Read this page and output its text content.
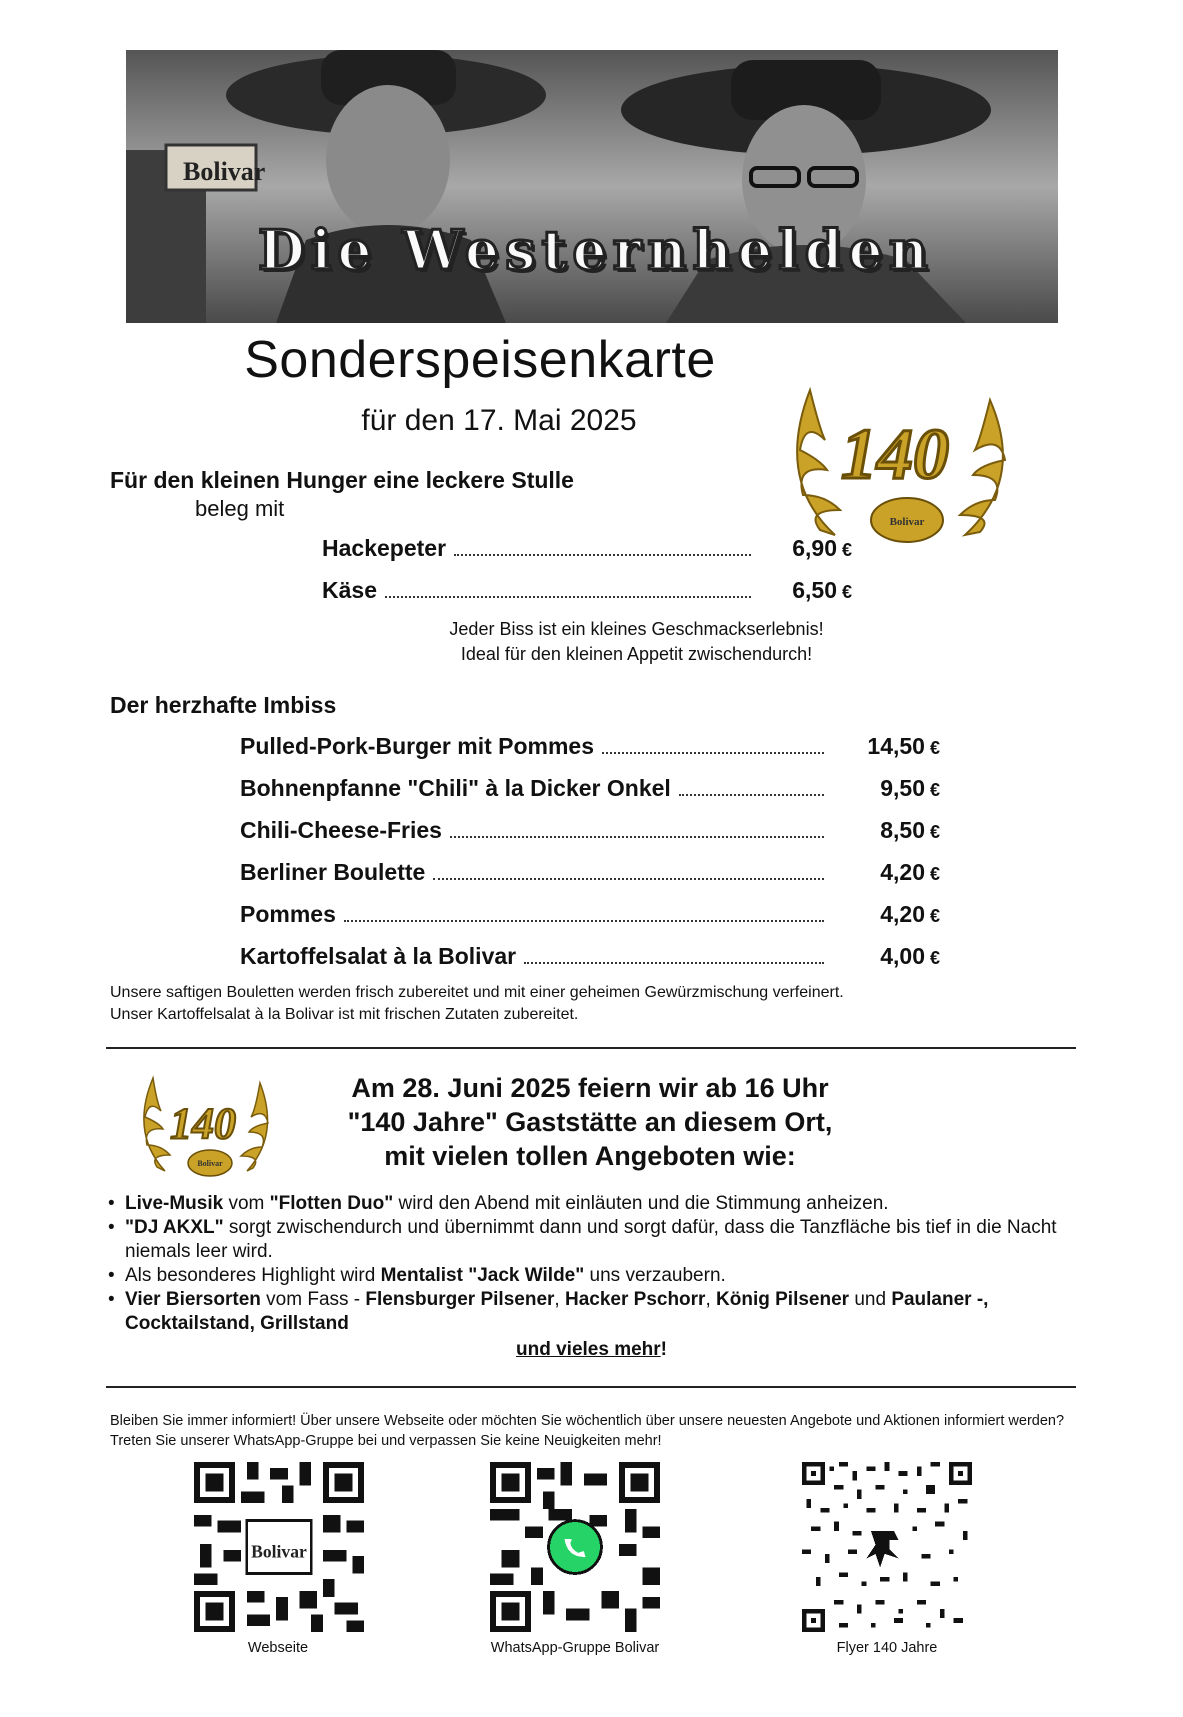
Bolivar
Die Westernhelden
Sonderspeisenkarte
für den 17. Mai 2025	140
Bolivar
Für den kleinen Hunger eine leckere Stulle
beleg mit
Hackepeter	6,90 €
Käse	6,50 €
Jeder Biss ist ein kleines Geschmackserlebnis!
Ideal für den kleinen Appetit zwischendurch!
Der herzhafte Imbiss
Pulled-Pork-Burger mit Pommes	14,50 €
Bohnenpfanne "Chili" à la Dicker Onkel	9,50 €
Chili-Cheese-Fries	8,50 €
Berliner Boulette	4,20 €
Pommes	4,20 €
Kartoffelsalat à la Bolivar	4,00 €
Unsere saftigen Bouletten werden frisch zubereitet und mit einer geheimen Gewürzmischung verfeinert.
Unser Kartoffelsalat à la Bolivar ist mit frischen Zutaten zubereitet.
140
Bolivar
Am 28. Juni 2025 feiern wir ab 16 Uhr
"140 Jahre" Gaststätte an diesem Ort,
mit vielen tollen Angeboten wie:
• Live-Musik vom "Flotten Duo" wird den Abend mit einläuten und die Stimmung anheizen.
• "DJ AKXL" sorgt zwischendurch und übernimmt dann und sorgt dafür, dass die Tanzfläche bis tief in die Nacht niemals leer wird.
• Als besonderes Highlight wird Mentalist "Jack Wilde" uns verzaubern.
• Vier Biersorten vom Fass - Flensburger Pilsener, Hacker Pschorr, König Pilsener und Paulaner -, Cocktailstand, Grillstand
und vieles mehr!
Bleiben Sie immer informiert! Über unsere Webseite oder möchten Sie wöchentlich über unsere neuesten Angebote und Aktionen informiert werden? Treten Sie unserer WhatsApp-Gruppe bei und verpassen Sie keine Neuigkeiten mehr!
Bolivar
Webseite	WhatsApp-Gruppe Bolivar	Flyer 140 Jahre
